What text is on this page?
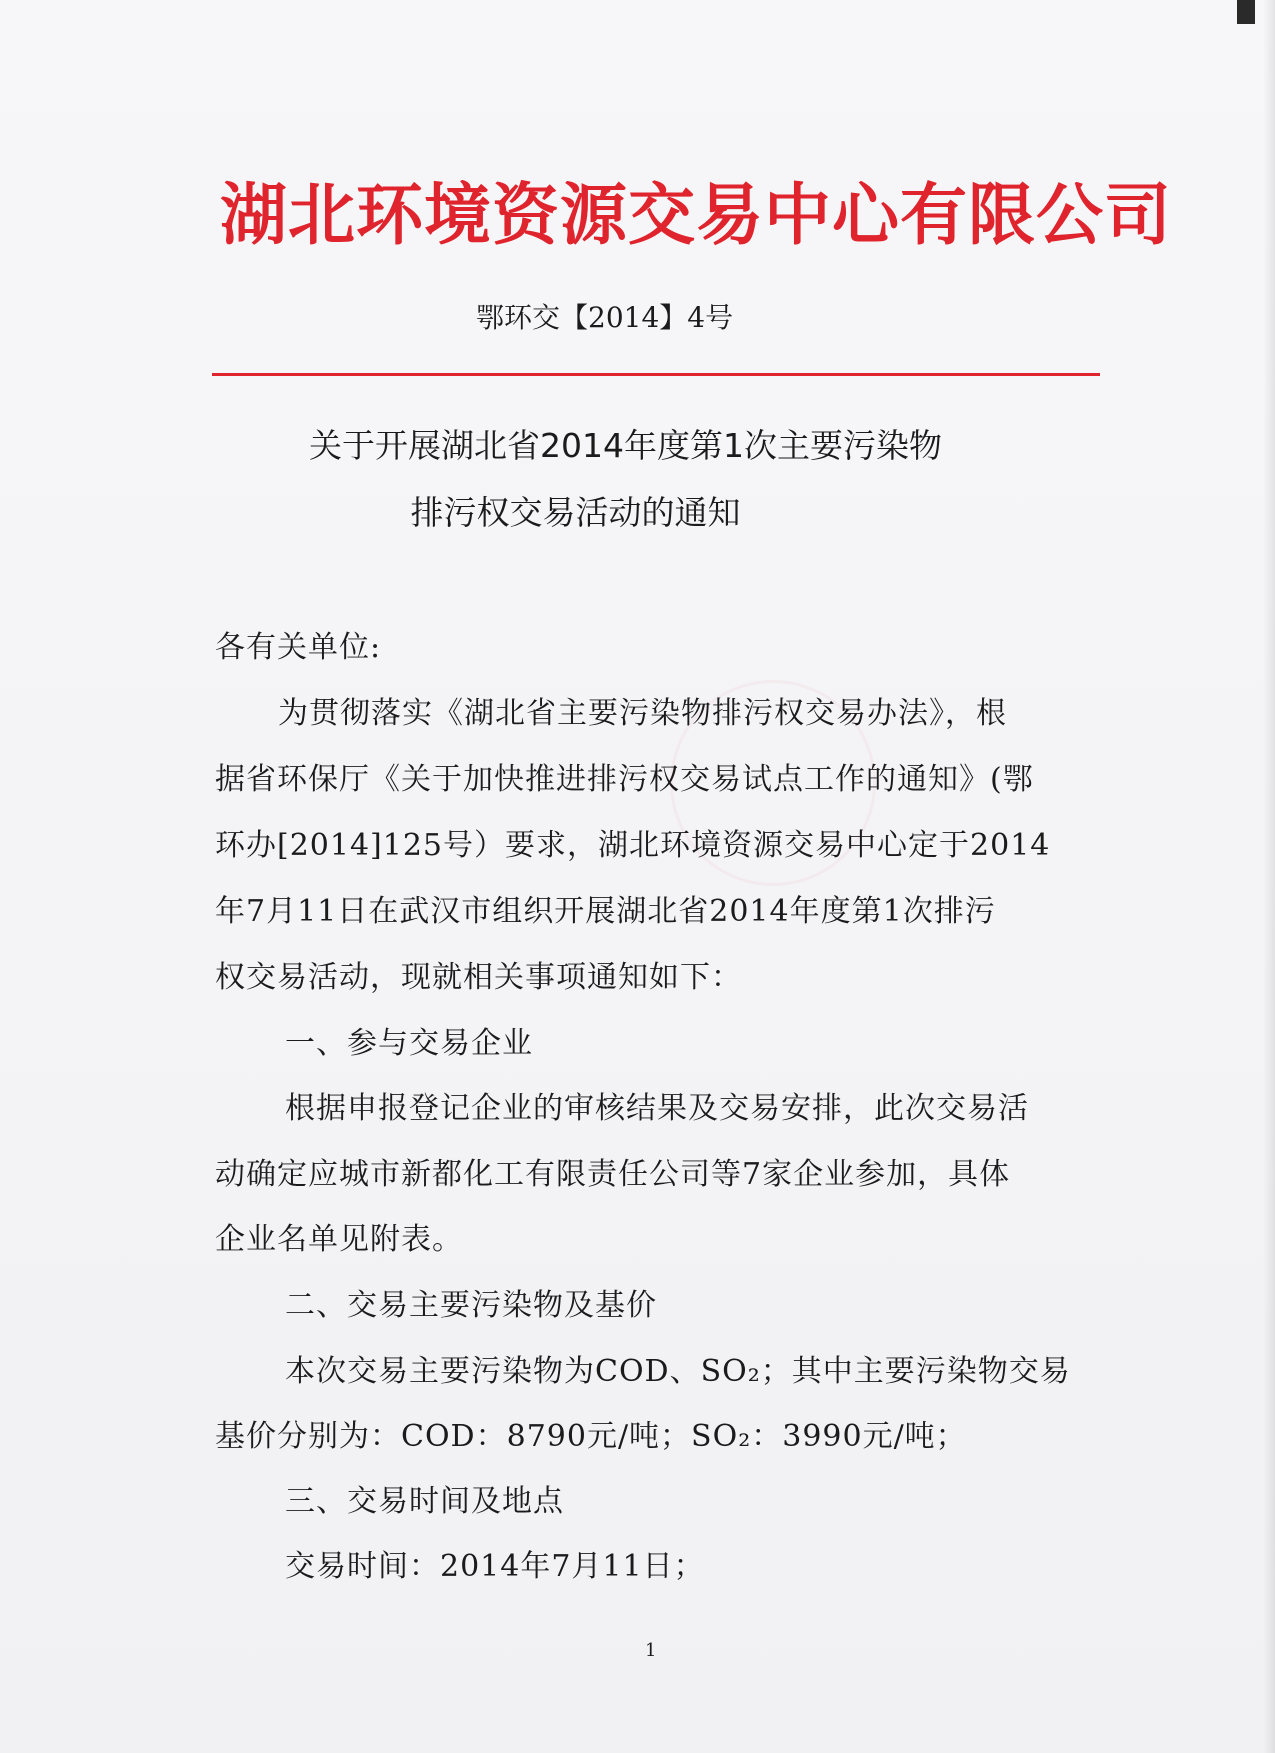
湖北环境资源交易中心有限公司
鄂环交【2014】4号
关于开展湖北省2014年度第1次主要污染物
排污权交易活动的通知
各有关单位:
为贯彻落实《湖北省主要污染物排污权交易办法》，根
据省环保厅《关于加快推进排污权交易试点工作的通知》(鄂
环办[2014]125号）要求，湖北环境资源交易中心定于2014
年7月11日在武汉市组织开展湖北省2014年度第1次排污
权交易活动，现就相关事项通知如下：
一、参与交易企业
根据申报登记企业的审核结果及交易安排，此次交易活
动确定应城市新都化工有限责任公司等7家企业参加，具体
企业名单见附表。
二、交易主要污染物及基价
本次交易主要污染物为COD、SO₂；其中主要污染物交易
基价分别为：COD：8790元/吨；SO₂：3990元/吨；
三、交易时间及地点
交易时间：2014年7月11日；
1
